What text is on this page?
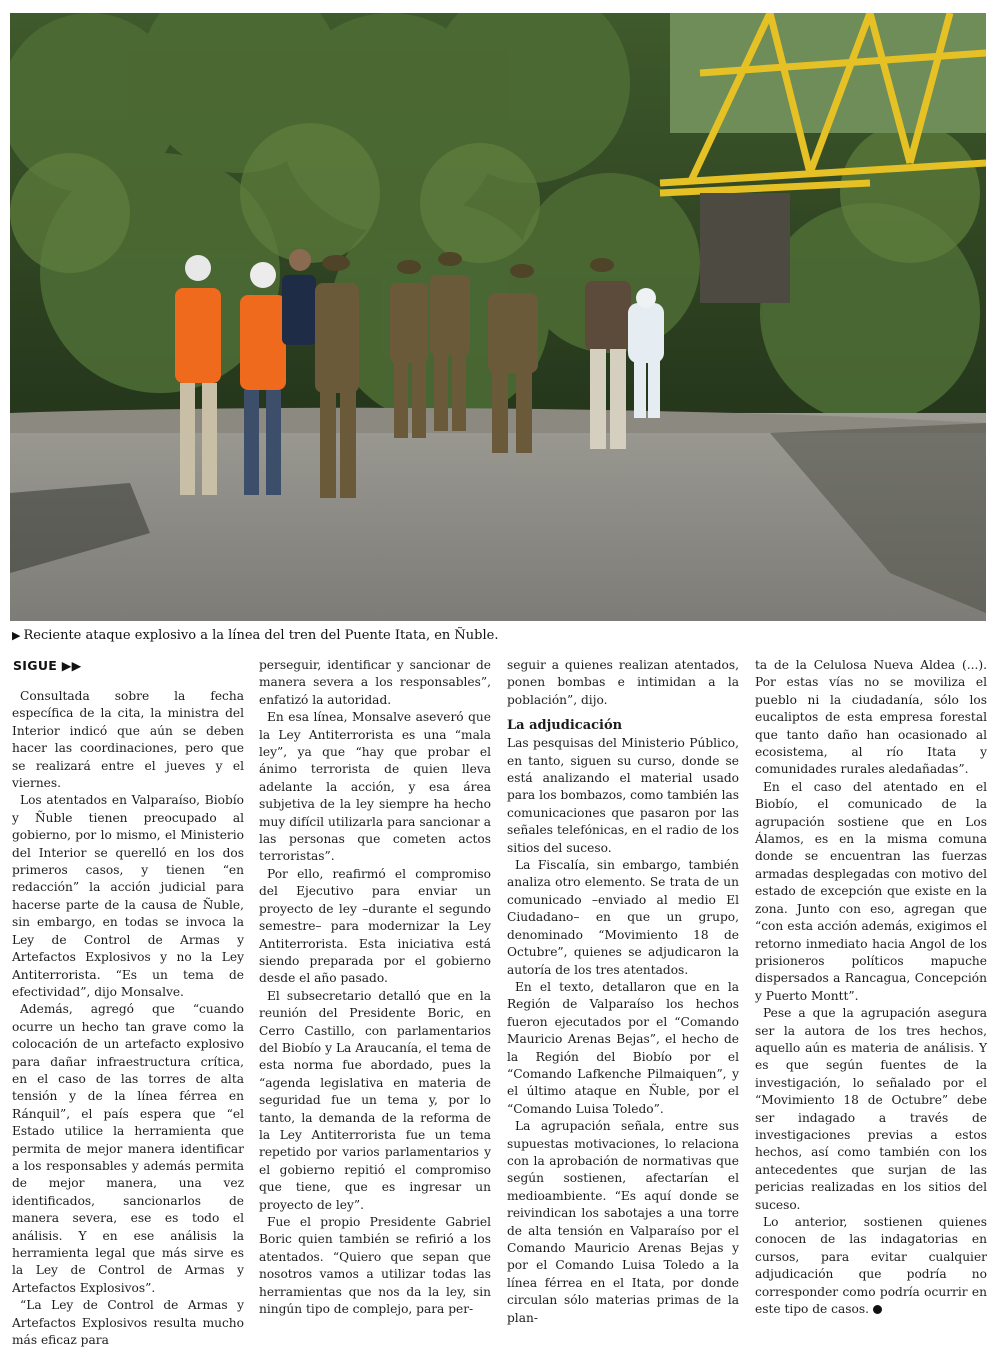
▶ Reciente ataque explosivo a la línea del tren del Puente Itata, en Ñuble.
SIGUE ▶▶

Consultada sobre la fecha específica de la cita, la ministra del Interior indicó que aún se deben hacer las coordinaciones, pero que se realizará entre el jueves y el viernes.

Los atentados en Valparaíso, Biobío y Ñuble tienen preocupado al gobierno, por lo mismo, el Ministerio del Interior se querelló en los dos primeros casos, y tienen “en redacción” la acción judicial para hacerse parte de la causa de Ñuble, sin embargo, en todas se invoca la Ley de Control de Armas y Artefactos Explosivos y no la Ley Antiterrorista. “Es un tema de efectividad”, dijo Monsalve.

Además, agregó que “cuando ocurre un hecho tan grave como la colocación de un artefacto explosivo para dañar infraestructura crítica, en el caso de las torres de alta tensión y de la línea férrea en Ránquil”, el país espera que “el Estado utilice la herramienta que permita de mejor manera identificar a los responsables y además permita de mejor manera, una vez identificados, sancionarlos de manera severa, ese es todo el análisis. Y en ese análisis la herramienta legal que más sirve es la Ley de Control de Armas y Artefactos Explosivos”.

“La Ley de Control de Armas y Artefactos Explosivos resulta mucho más eficaz para

perseguir, identificar y sancionar de manera severa a los responsables”, enfatizó la autoridad.

En esa línea, Monsalve aseveró que la Ley Antiterrorista es una “mala ley”, ya que “hay que probar el ánimo terrorista de quien lleva adelante la acción, y esa área subjetiva de la ley siempre ha hecho muy difícil utilizarla para sancionar a las personas que cometen actos terroristas”.

Por ello, reafirmó el compromiso del Ejecutivo para enviar un proyecto de ley –durante el segundo semestre– para modernizar la Ley Antiterrorista. Esta iniciativa está siendo preparada por el gobierno desde el año pasado.

El subsecretario detalló que en la reunión del Presidente Boric, en Cerro Castillo, con parlamentarios del Biobío y La Araucanía, el tema de esta norma fue abordado, pues la “agenda legislativa en materia de seguridad fue un tema y, por lo tanto, la demanda de la reforma de la Ley Antiterrorista fue un tema repetido por varios parlamentarios y el gobierno repitió el compromiso que tiene, que es ingresar un proyecto de ley”.

Fue el propio Presidente Gabriel Boric quien también se refirió a los atentados. “Quiero que sepan que nosotros vamos a utilizar todas las herramientas que nos da la ley, sin ningún tipo de complejo, para per-

seguir a quienes realizan atentados, ponen bombas e intimidan a la población”, dijo.

La adjudicación

Las pesquisas del Ministerio Público, en tanto, siguen su curso, donde se está analizando el material usado para los bombazos, como también las comunicaciones que pasaron por las señales telefónicas, en el radio de los sitios del suceso.

La Fiscalía, sin embargo, también analiza otro elemento. Se trata de un comunicado –enviado al medio El Ciudadano– en que un grupo, denominado “Movimiento 18 de Octubre”, quienes se adjudicaron la autoría de los tres atentados.

En el texto, detallaron que en la Región de Valparaíso los hechos fueron ejecutados por el “Comando Mauricio Arenas Bejas”, el hecho de la Región del Biobío por el “Comando Lafkenche Pilmaiquen”, y el último ataque en Ñuble, por el “Comando Luisa Toledo”.

La agrupación señala, entre sus supuestas motivaciones, lo relaciona con la aprobación de normativas que según sostienen, afectarían el medioambiente. “Es aquí donde se reivindican los sabotajes a una torre de alta tensión en Valparaíso por el Comando Mauricio Arenas Bejas y por el Comando Luisa Toledo a la línea férrea en el Itata, por donde circulan sólo materias primas de la plan-

ta de la Celulosa Nueva Aldea (...). Por estas vías no se moviliza el pueblo ni la ciudadanía, sólo los eucaliptos de esta empresa forestal que tanto daño han ocasionado al ecosistema, al río Itata y comunidades rurales aledañadas”.

En el caso del atentado en el Biobío, el comunicado de la agrupación sostiene que en Los Álamos, es en la misma comuna donde se encuentran las fuerzas armadas desplegadas con motivo del estado de excepción que existe en la zona. Junto con eso, agregan que “con esta acción además, exigimos el retorno inmediato hacia Angol de los prisioneros políticos mapuche dispersados a Rancagua, Concepción y Puerto Montt”.

Pese a que la agrupación asegura ser la autora de los tres hechos, aquello aún es materia de análisis. Y es que según fuentes de la investigación, lo señalado por el “Movimiento 18 de Octubre” debe ser indagado a través de investigaciones previas a estos hechos, así como también con los antecedentes que surjan de las pericias realizadas en los sitios del suceso.

Lo anterior, sostienen quienes conocen de las indagatorias en cursos, para evitar cualquier adjudicación que podría no corresponder como podría ocurrir en este tipo de casos.
